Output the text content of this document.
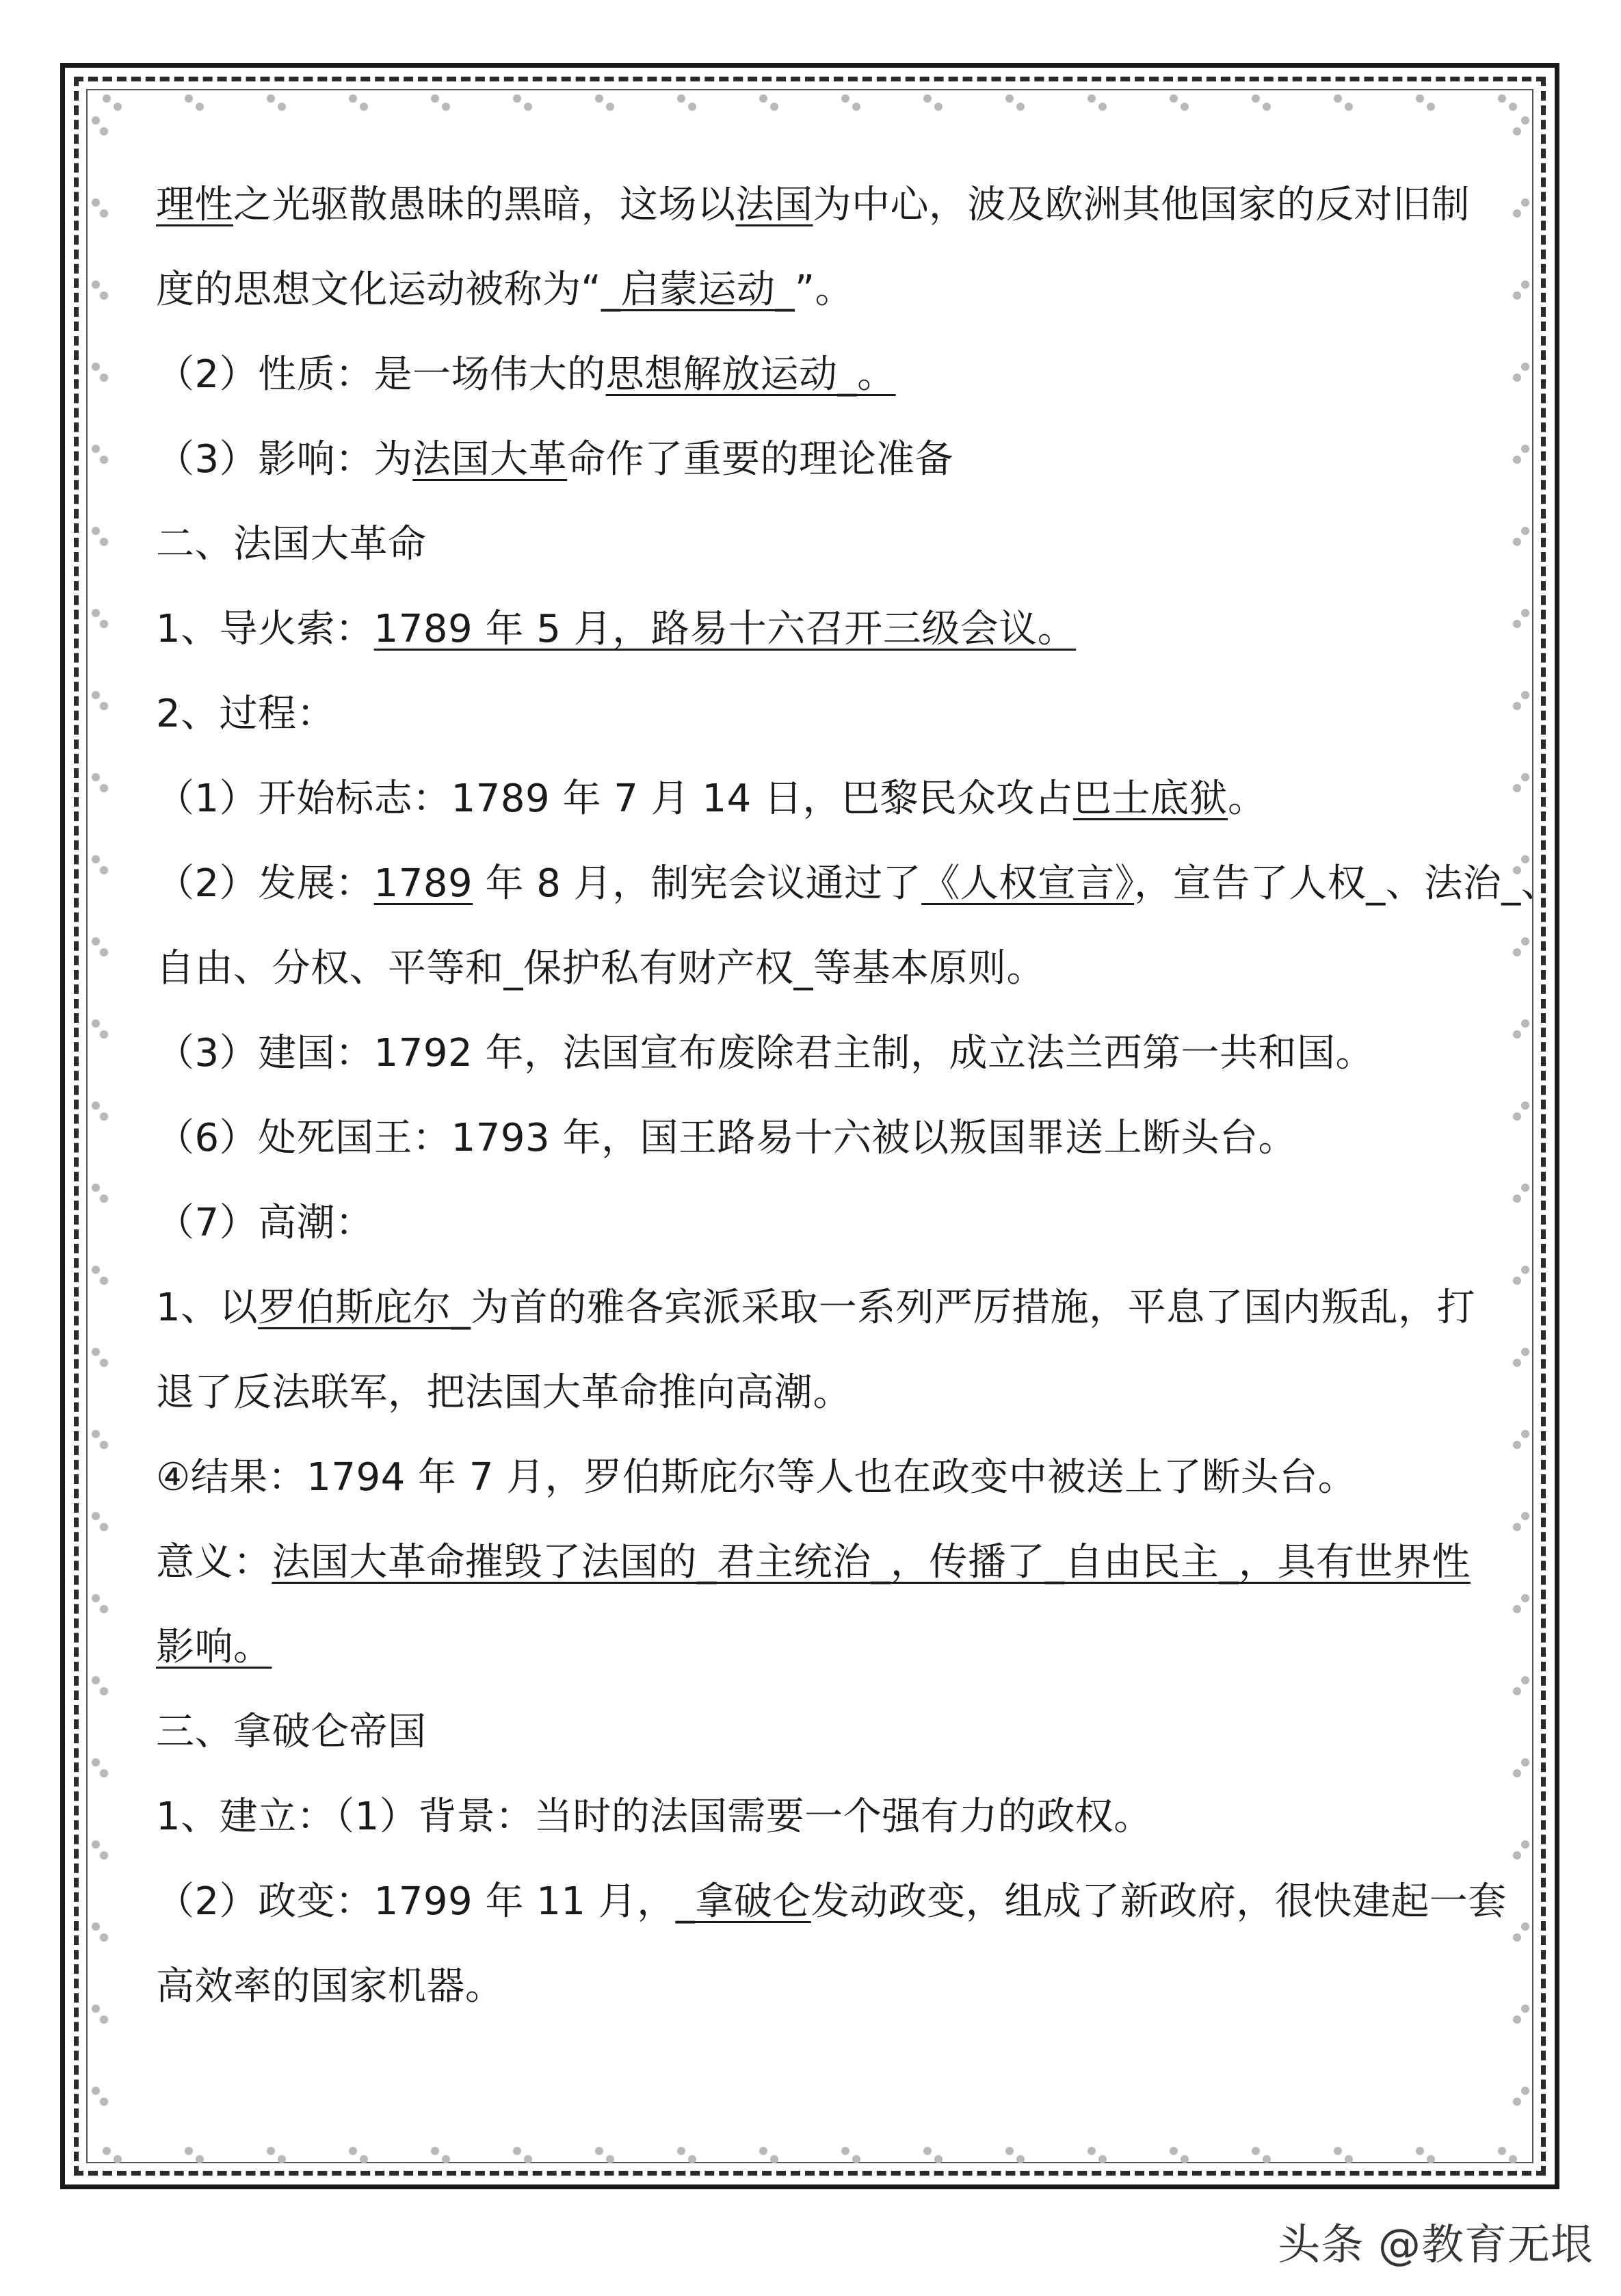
理性之光驱散愚昧的黑暗，这场以法国为中心，波及欧洲其他国家的反对旧制
度的思想文化运动被称为“_启蒙运动_”。
（2）性质：是一场伟大的思想解放运动_。
（3）影响：为法国大革命作了重要的理论准备
二、法国大革命
1、导火索：1789 年 5 月，路易十六召开三级会议。
2、过程：
（1）开始标志：1789 年 7 月 14 日，巴黎民众攻占巴士底狱。
（2）发展：1789 年 8 月，制宪会议通过了《人权宣言》，宣告了人权_、法治_、
自由、分权、平等和_保护私有财产权_等基本原则。
（3）建国：1792 年，法国宣布废除君主制，成立法兰西第一共和国。
（6）处死国王：1793 年，国王路易十六被以叛国罪送上断头台。
（7）高潮：
1、以罗伯斯庇尔_为首的雅各宾派采取一系列严厉措施，平息了国内叛乱，打
退了反法联军，把法国大革命推向高潮。
④结果：1794 年 7 月，罗伯斯庇尔等人也在政变中被送上了断头台。
意义：法国大革命摧毁了法国的_君主统治_，传播了_自由民主_，具有世界性
影响。
三、拿破仑帝国
1、建立：（1）背景：当时的法国需要一个强有力的政权。
（2）政变：1799 年 11 月，_拿破仑发动政变，组成了新政府，很快建起一套
高效率的国家机器。
头条 @教育无垠
